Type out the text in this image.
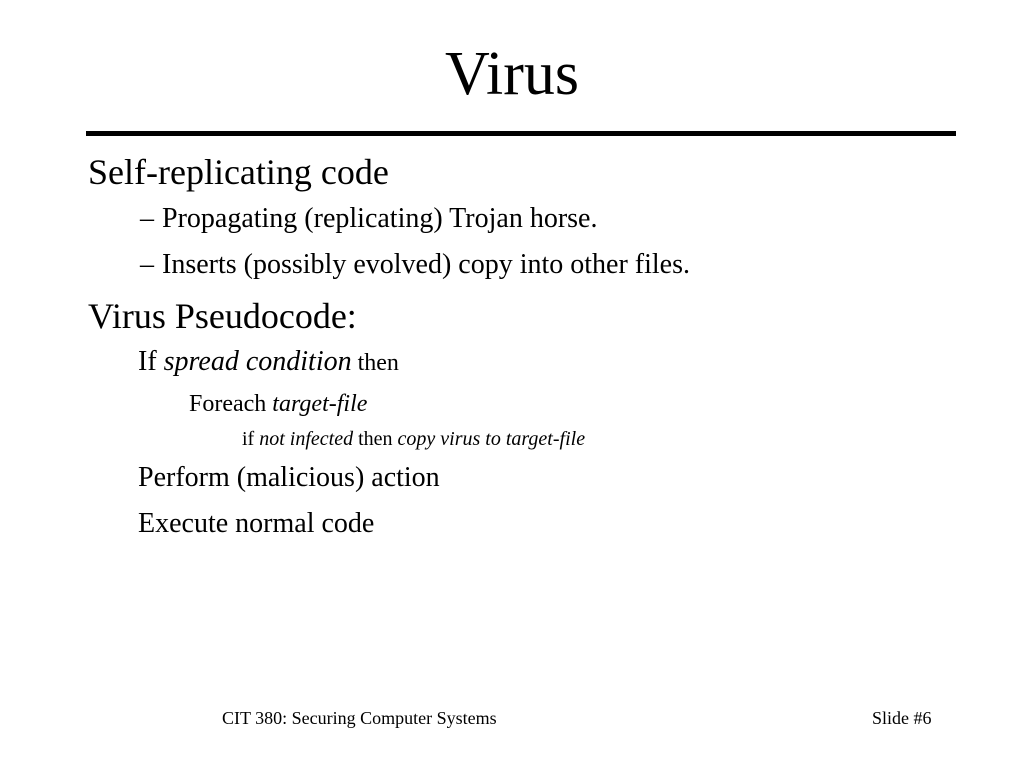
Virus
Self-replicating code
– Propagating (replicating) Trojan horse.
– Inserts (possibly evolved) copy into other files.
Virus Pseudocode:
If spread condition then
Foreach target-file
if not infected then copy virus to target-file
Perform (malicious) action
Execute normal code
CIT 380: Securing Computer Systems	Slide #6
